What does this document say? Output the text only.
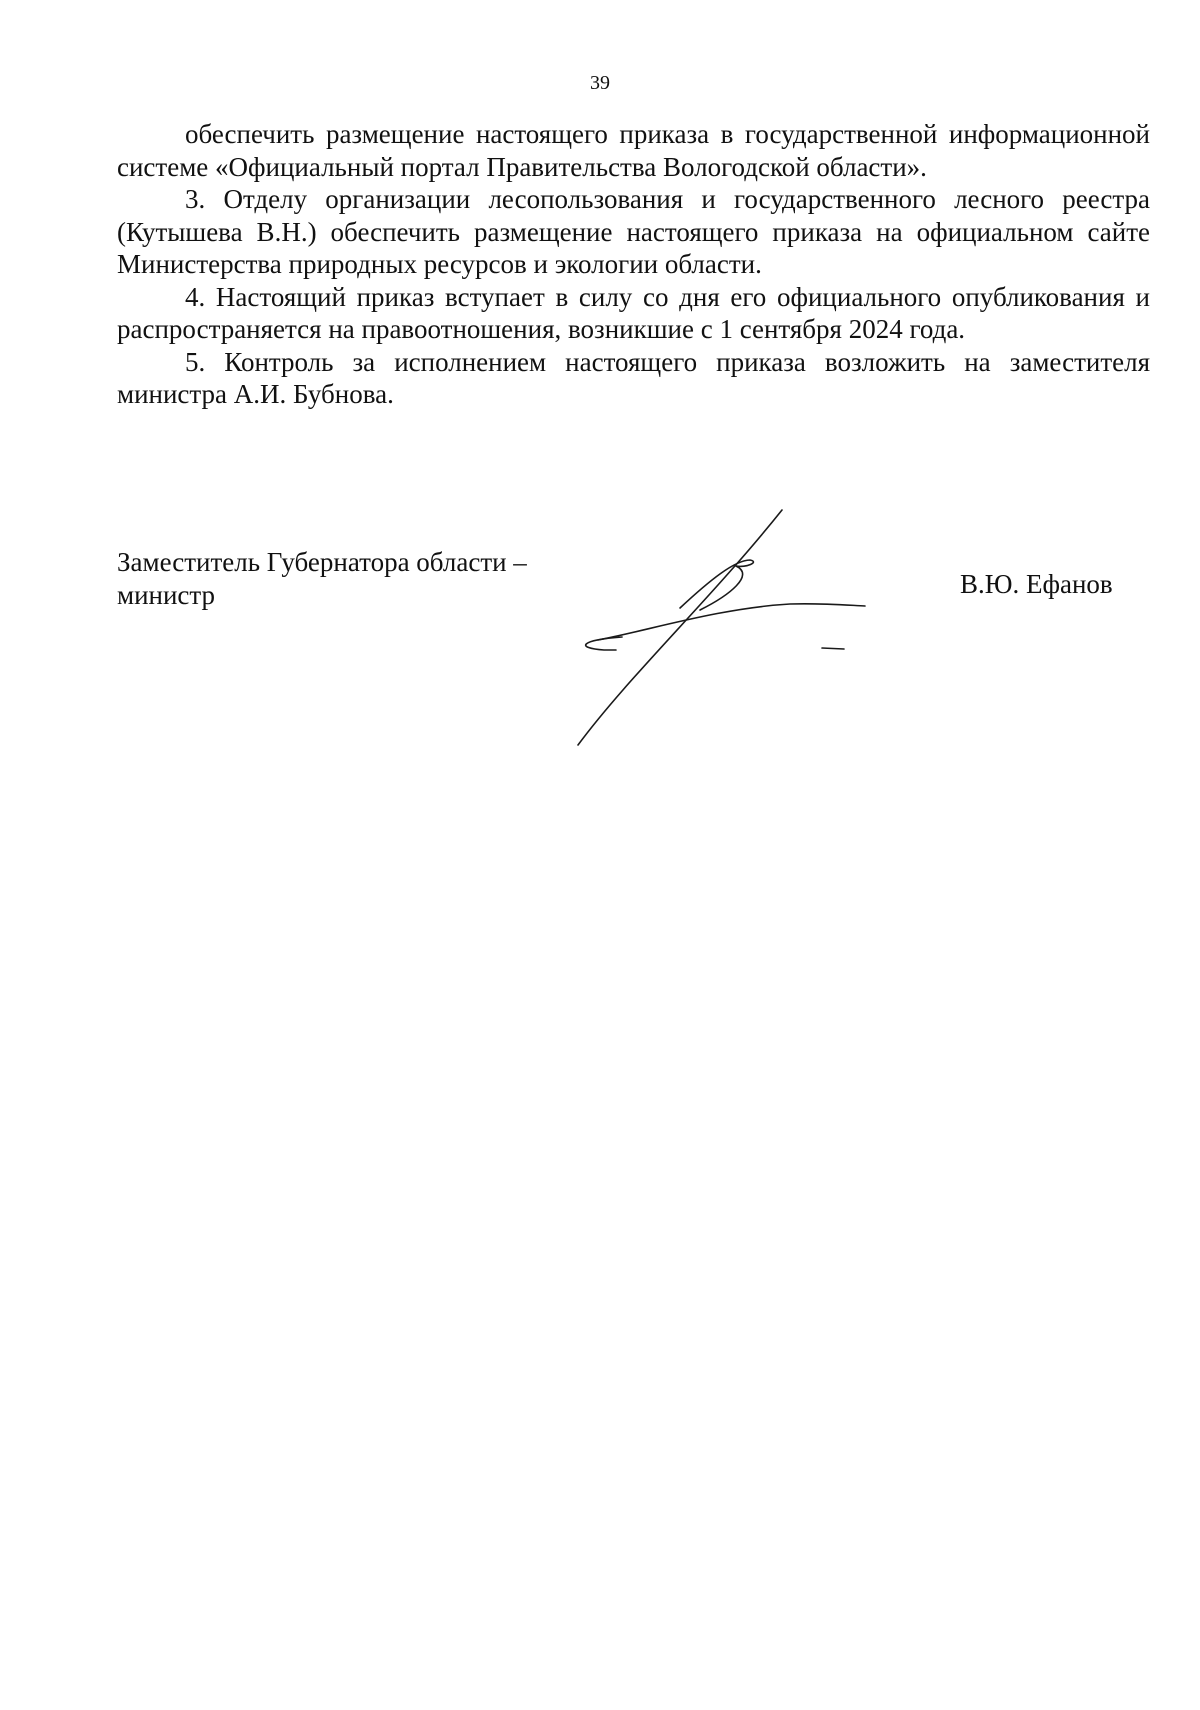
39

обеспечить размещение настоящего приказа в государственной информационной системе «Официальный портал Правительства Вологодской области».

3. Отделу организации лесопользования и государственного лесного реестра (Кутышева В.Н.) обеспечить размещение настоящего приказа на официальном сайте Министерства природных ресурсов и экологии области.

4. Настоящий приказ вступает в силу со дня его официального опубликования и распространяется на правоотношения, возникшие с 1 сентября 2024 года.

5. Контроль за исполнением настоящего приказа возложить на заместителя министра А.И. Бубнова.

Заместитель Губернатора области –
министр	В.Ю. Ефанов
